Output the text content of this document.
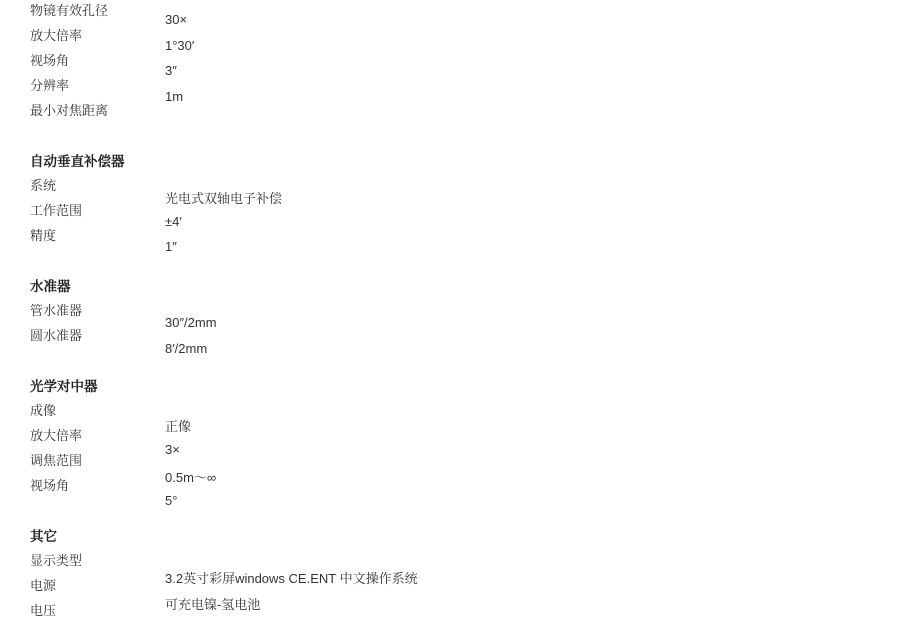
物镜有效孔径
放大倍率
视场角
分辨率
最小对焦距离
30×
1°30′
3″
1m
自动垂直补偿器
系统
工作范围
精度
光电式双轴电子补偿
±4′
1″
水准器
管水准器
圆水准器
30″/2mm
8′/2mm
光学对中器
成像
放大倍率
调焦范围
视场角
正像
3×
0.5m～∞
5°
其它
显示类型
电源
电压
3.2英寸彩屏windows CE.ENT 中文操作系统
可充电镍-氢电池
